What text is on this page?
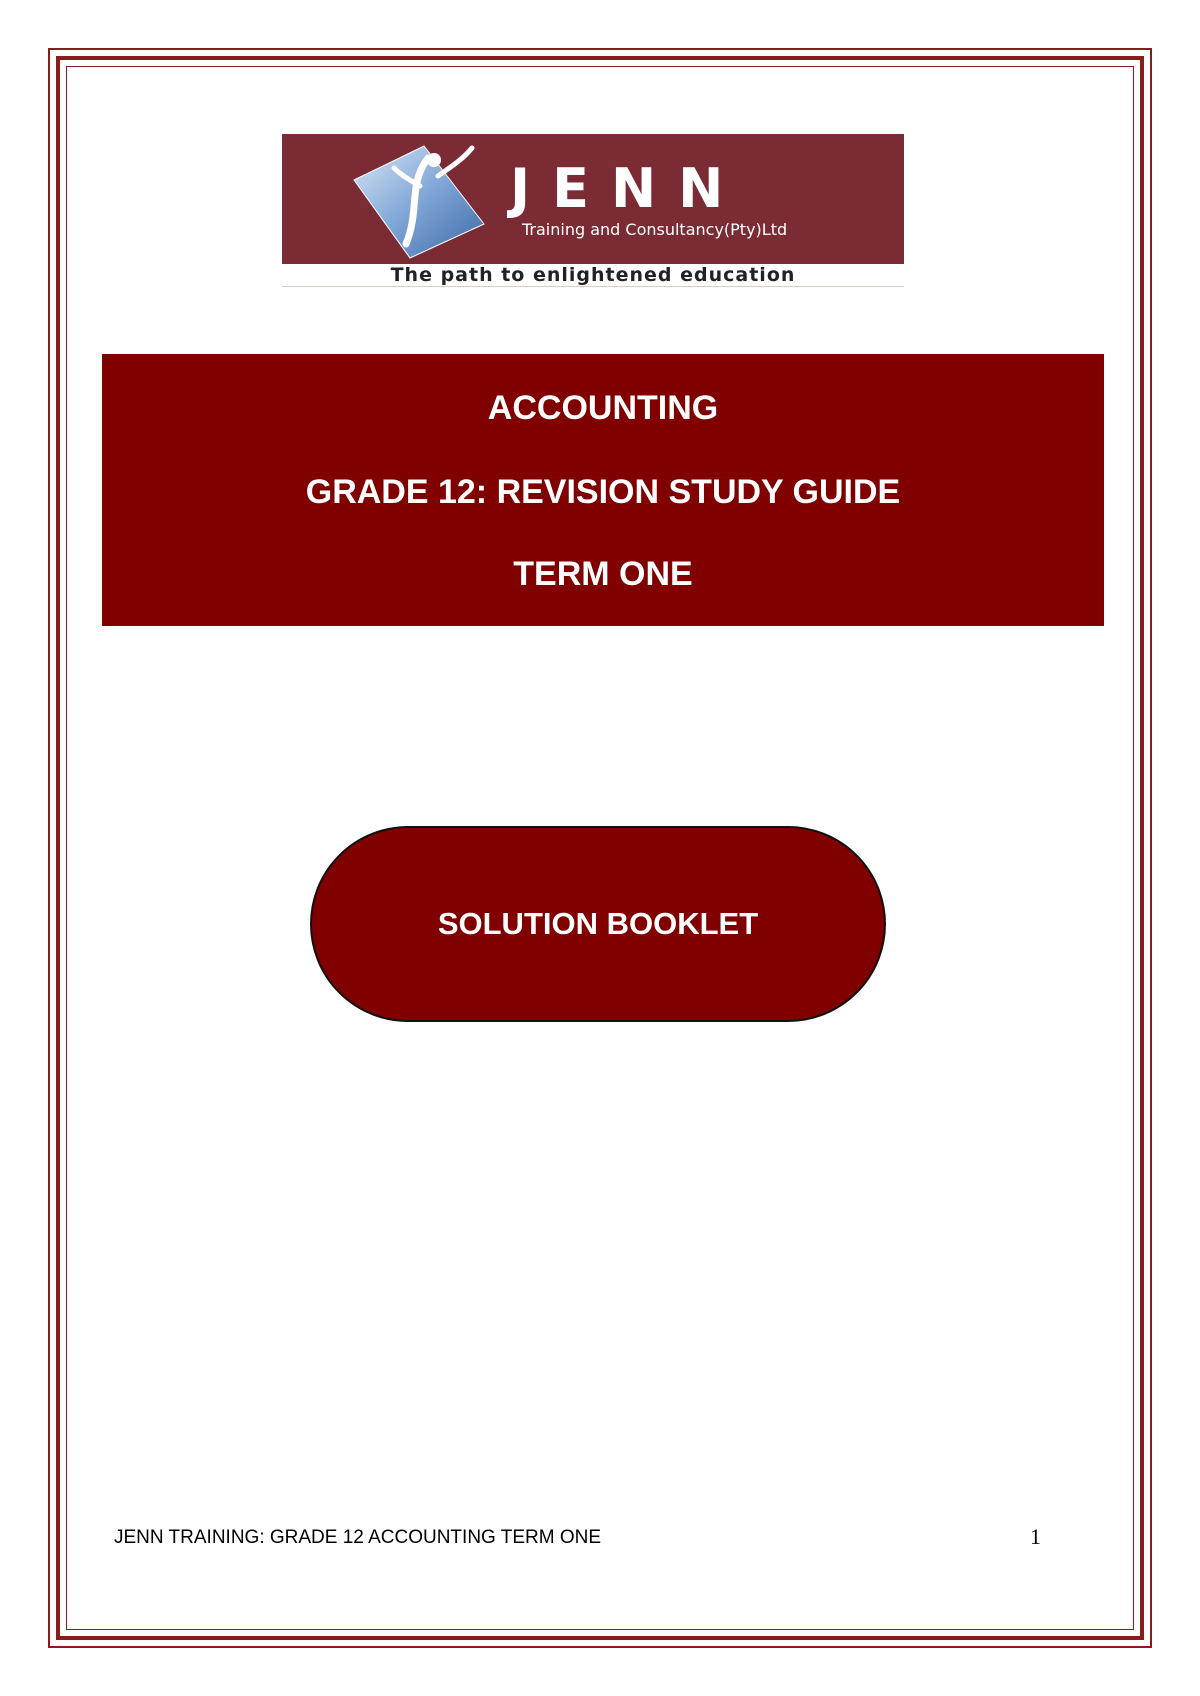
JENN
Training and Consultancy(Pty)Ltd
The path to enlightened education
ACCOUNTING
GRADE 12: REVISION STUDY GUIDE
TERM ONE
SOLUTION BOOKLET
JENN TRAINING: GRADE 12 ACCOUNTING TERM ONE	1
